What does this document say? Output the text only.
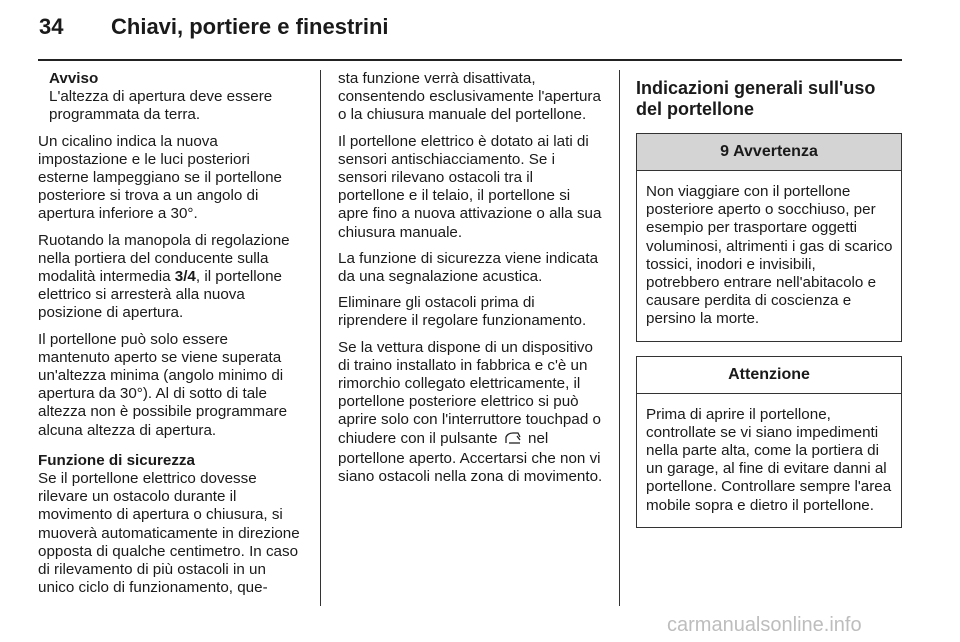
34 Chiavi, portiere e finestrini
Avviso
L'altezza di apertura deve essere programmata da terra.

Un cicalino indica la nuova impostazione e le luci posteriori esterne lampeggiano se il portellone posteriore si trova a un angolo di apertura inferiore a 30°.

Ruotando la manopola di regolazione nella portiera del conducente sulla modalità intermedia 3/4, il portellone elettrico si arresterà alla nuova posizione di apertura.

Il portellone può solo essere mantenuto aperto se viene superata un'altezza minima (angolo minimo di apertura da 30°). Al di sotto di tale altezza non è possibile programmare alcuna altezza di apertura.

Funzione di sicurezza

Se il portellone elettrico dovesse rilevare un ostacolo durante il movimento di apertura o chiusura, si muoverà automaticamente in direzione opposta di qualche centimetro. In caso di rilevamento di più ostacoli in un unico ciclo di funzionamento, que-

sta funzione verrà disattivata, consentendo esclusivamente l'apertura o la chiusura manuale del portellone.

Il portellone elettrico è dotato ai lati di sensori antischiacciamento. Se i sensori rilevano ostacoli tra il portellone e il telaio, il portellone si apre fino a nuova attivazione o alla sua chiusura manuale.

La funzione di sicurezza viene indicata da una segnalazione acustica.

Eliminare gli ostacoli prima di riprendere il regolare funzionamento.

Se la vettura dispone di un dispositivo di traino installato in fabbrica e c'è un rimorchio collegato elettricamente, il portellone posteriore elettrico si può aprire solo con l'interruttore touchpad o chiudere con il pulsante  nel portellone aperto. Accertarsi che non vi siano ostacoli nella zona di movimento.

Indicazioni generali sull'uso del portellone
9 Avvertenza
Non viaggiare con il portellone posteriore aperto o socchiuso, per esempio per trasportare oggetti voluminosi, altrimenti i gas di scarico tossici, inodori e invisibili, potrebbero entrare nell'abitacolo e causare perdita di coscienza e persino la morte.
Attenzione
Prima di aprire il portellone, controllate se vi siano impedimenti nella parte alta, come la portiera di un garage, al fine di evitare danni al portellone. Controllare sempre l'area mobile sopra e dietro il portellone.
carmanualsonline.info
